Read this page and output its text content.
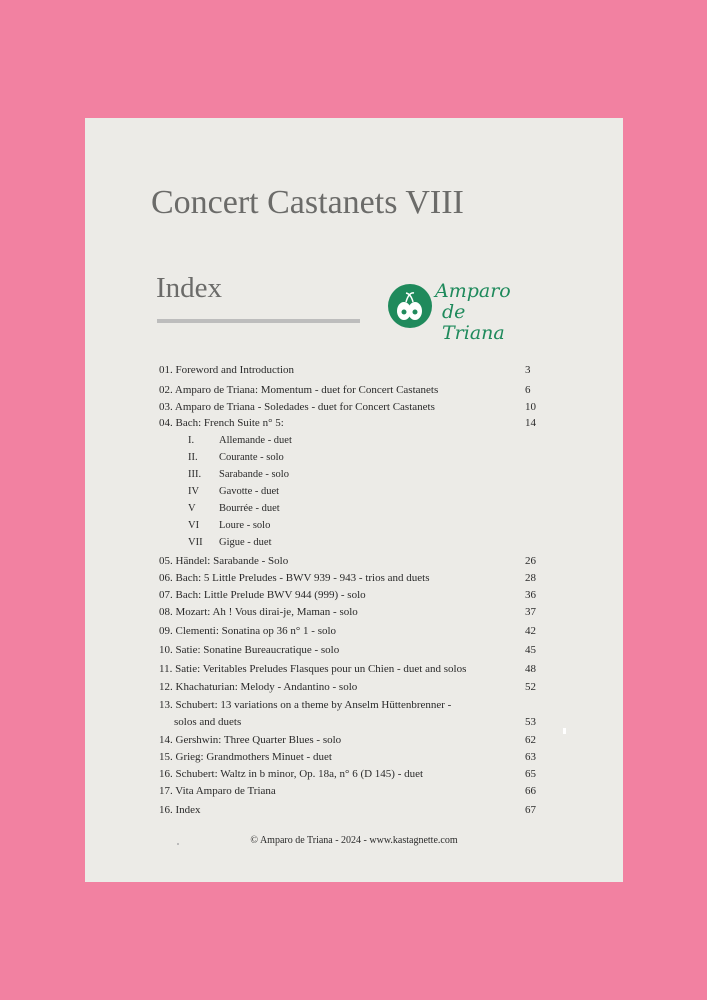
Concert Castanets VIII
Index	Amparo
de Triana
01. Foreword and Introduction	3
02. Amparo de Triana: Momentum - duet for Concert Castanets	6
03. Amparo de Triana - Soledades - duet for Concert Castanets	10
04. Bach: French Suite n° 5:	14
I. Allemande - duet
II. Courante - solo
III. Sarabande - solo
IV Gavotte - duet
V Bourrée - duet
VI Loure - solo
VII Gigue - duet
05. Händel: Sarabande - Solo	26
06. Bach: 5 Little Preludes - BWV 939 - 943 - trios and duets	28
07. Bach: Little Prelude BWV 944 (999) - solo	36
08. Mozart: Ah ! Vous dirai-je, Maman - solo	37
09. Clementi: Sonatina op 36 n° 1 - solo	42
10. Satie: Sonatine Bureaucratique - solo	45
11. Satie: Veritables Preludes Flasques pour un Chien - duet and solos	48
12. Khachaturian: Melody - Andantino - solo	52
13. Schubert: 13 variations on a theme by Anselm Hüttenbrenner -
solos and duets	53
14. Gershwin: Three Quarter Blues - solo	62
15. Grieg: Grandmothers Minuet - duet	63
16. Schubert: Waltz in b minor, Op. 18a, n° 6 (D 145) - duet	65
17. Vita Amparo de Triana	66
16. Index	67
© Amparo de Triana - 2024 - www.kastagnette.com
